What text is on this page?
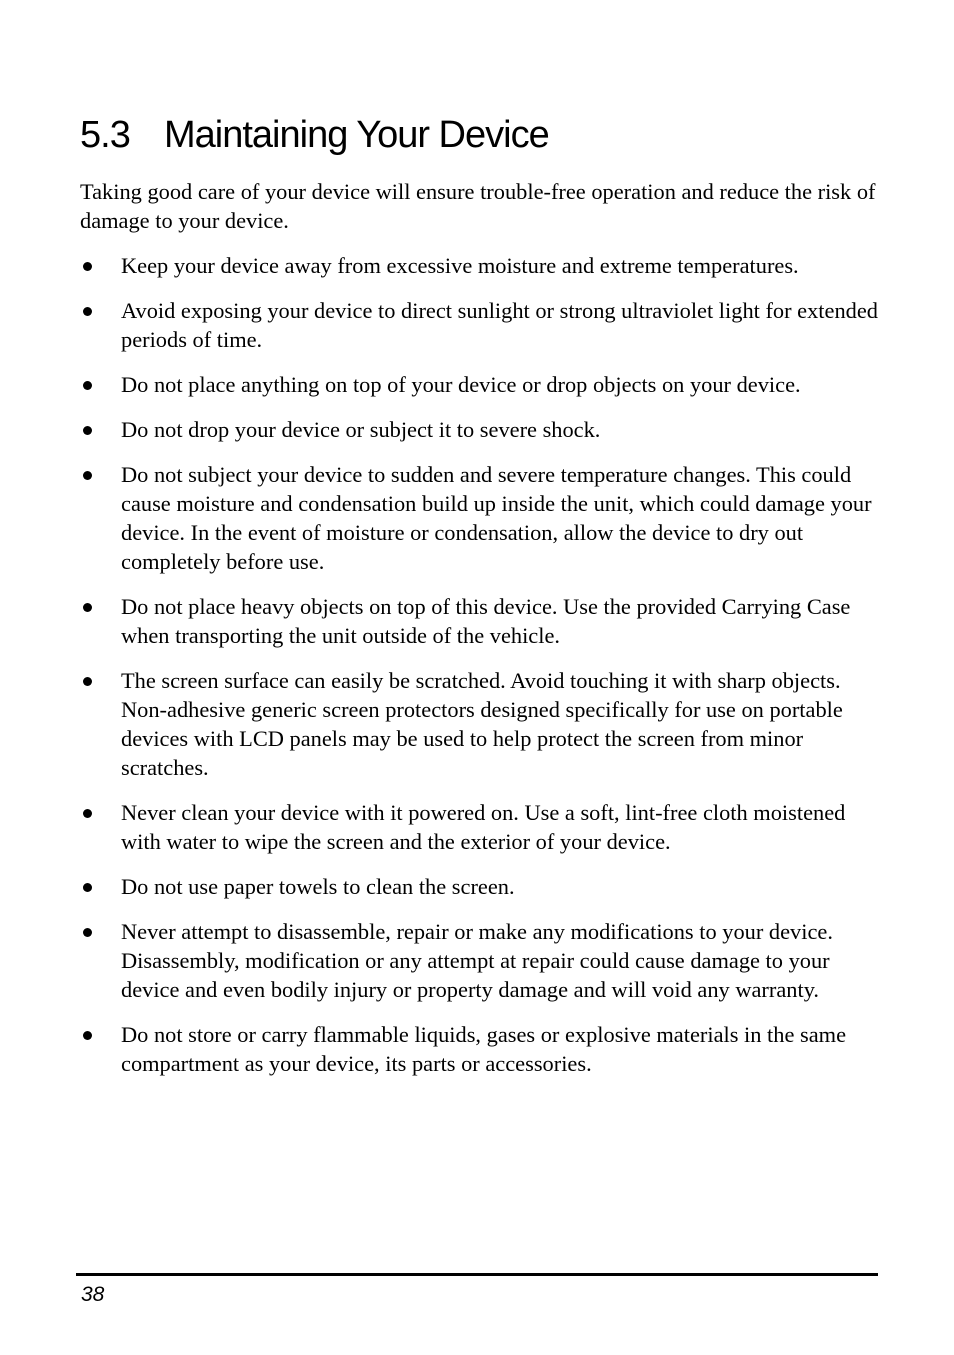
5.3 Maintaining Your Device

Taking good care of your device will ensure trouble-free operation and reduce the risk of damage to your device.

Keep your device away from excessive moisture and extreme temperatures.
Avoid exposing your device to direct sunlight or strong ultraviolet light for extended periods of time.
Do not place anything on top of your device or drop objects on your device.
Do not drop your device or subject it to severe shock.
Do not subject your device to sudden and severe temperature changes. This could cause moisture and condensation build up inside the unit, which could damage your device. In the event of moisture or condensation, allow the device to dry out completely before use.
Do not place heavy objects on top of this device. Use the provided Carrying Case when transporting the unit outside of the vehicle.
The screen surface can easily be scratched. Avoid touching it with sharp objects. Non-adhesive generic screen protectors designed specifically for use on portable devices with LCD panels may be used to help protect the screen from minor scratches.
Never clean your device with it powered on. Use a soft, lint-free cloth moistened with water to wipe the screen and the exterior of your device.
Do not use paper towels to clean the screen.
Never attempt to disassemble, repair or make any modifications to your device. Disassembly, modification or any attempt at repair could cause damage to your device and even bodily injury or property damage and will void any warranty.
Do not store or carry flammable liquids, gases or explosive materials in the same compartment as your device, its parts or accessories.
38
